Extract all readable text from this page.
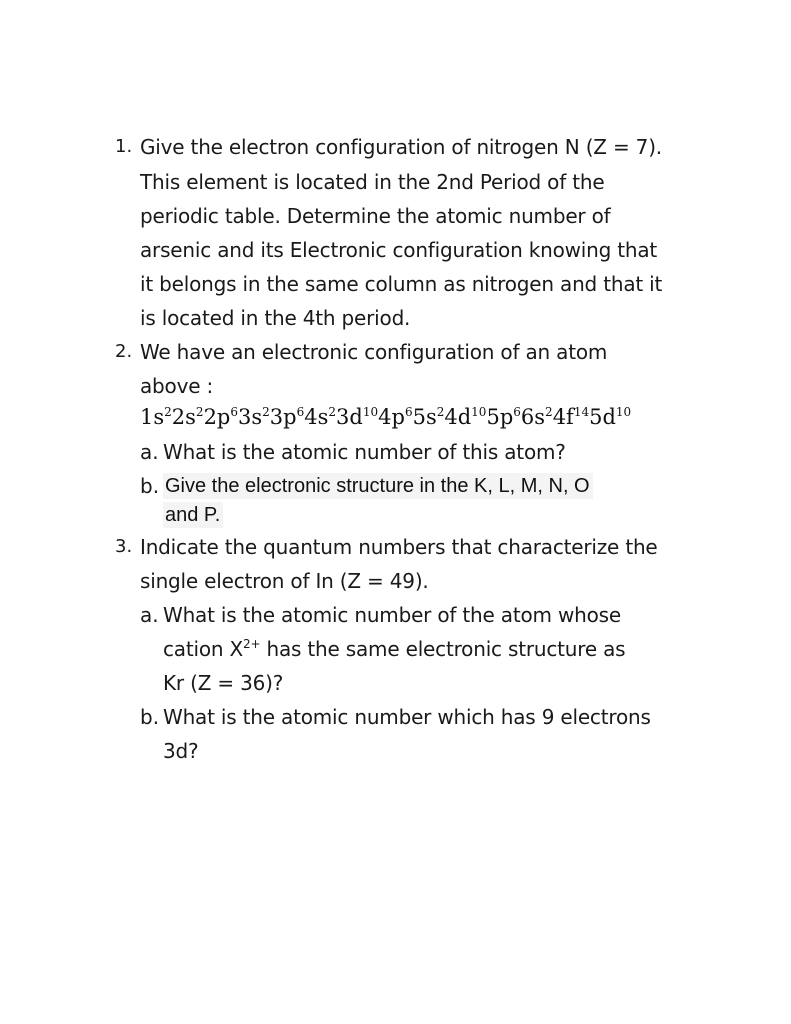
1. Give the electron configuration of nitrogen N (Z = 7).
This element is located in the 2nd Period of the
periodic table. Determine the atomic number of
arsenic and its Electronic configuration knowing that
it belongs in the same column as nitrogen and that it
is located in the 4th period.
2. We have an electronic configuration of an atom
above :
$1s^22s^22p^63s^23p^64s^23d^{10}4p^65s^24d^{10}5p^66s^24f^{14}5d^{10}$
a. What is the atomic number of this atom?
b. Give the electronic structure in the K, L, M, N, O
and P.
3. Indicate the quantum numbers that characterize the
single electron of In (Z = 49).
a. What is the atomic number of the atom whose
cation $X^{2+}$ has the same electronic structure as
Kr (Z = 36)?
b. What is the atomic number which has 9 electrons
3d?
